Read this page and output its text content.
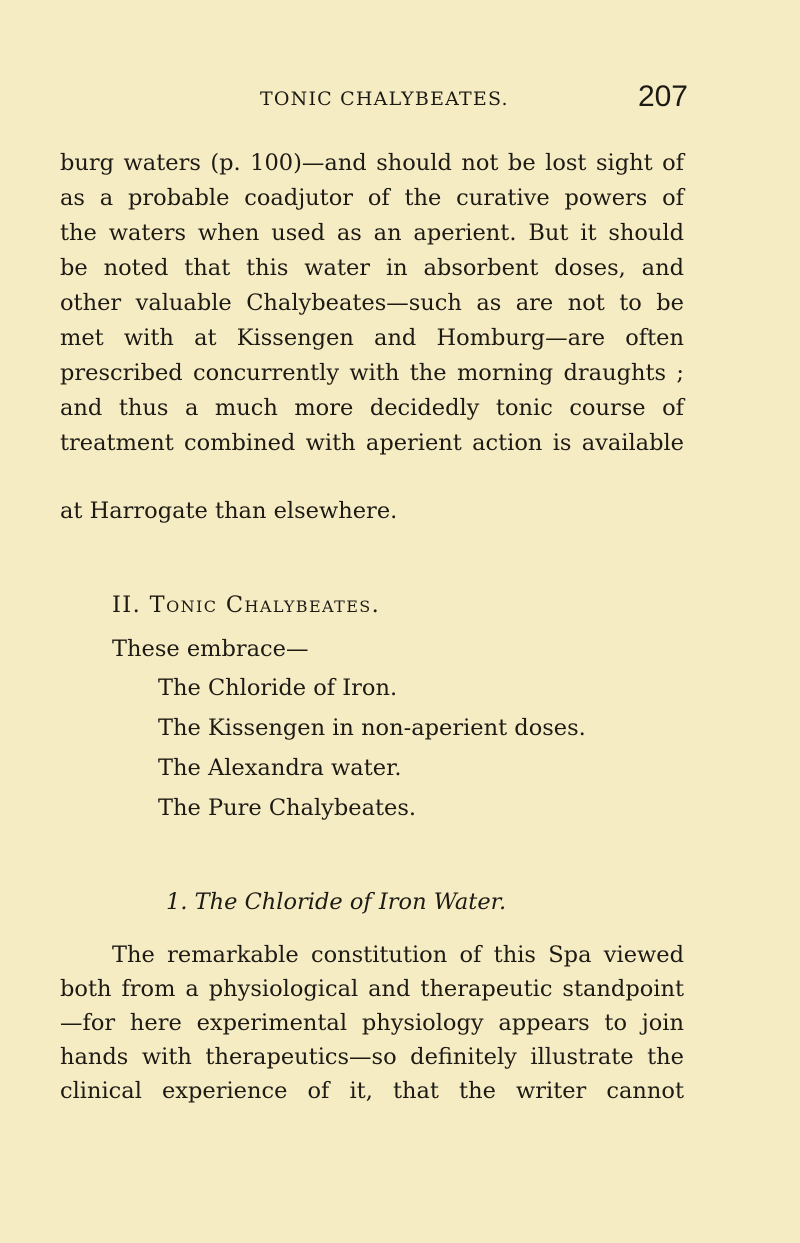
TONIC CHALYBEATES.	207
burg waters (p. 100)—and should not be lost sight of
as a probable coadjutor of the curative powers of
the waters when used as an aperient. But it should
be noted that this water in absorbent doses, and
other valuable Chalybeates—such as are not to be
met with at Kissengen and Homburg—are often
prescribed concurrently with the morning draughts ;
and thus a much more decidedly tonic course of
treatment combined with aperient action is available
at Harrogate than elsewhere.
II. Tonic Chalybeates.
These embrace—
The Chloride of Iron.
The Kissengen in non-aperient doses.
The Alexandra water.
The Pure Chalybeates.
1. The Chloride of Iron Water.
The remarkable constitution of this Spa viewed
both from a physiological and therapeutic standpoint
—for here experimental physiology appears to join
hands with therapeutics—so definitely illustrate the
clinical experience of it, that the writer cannot
